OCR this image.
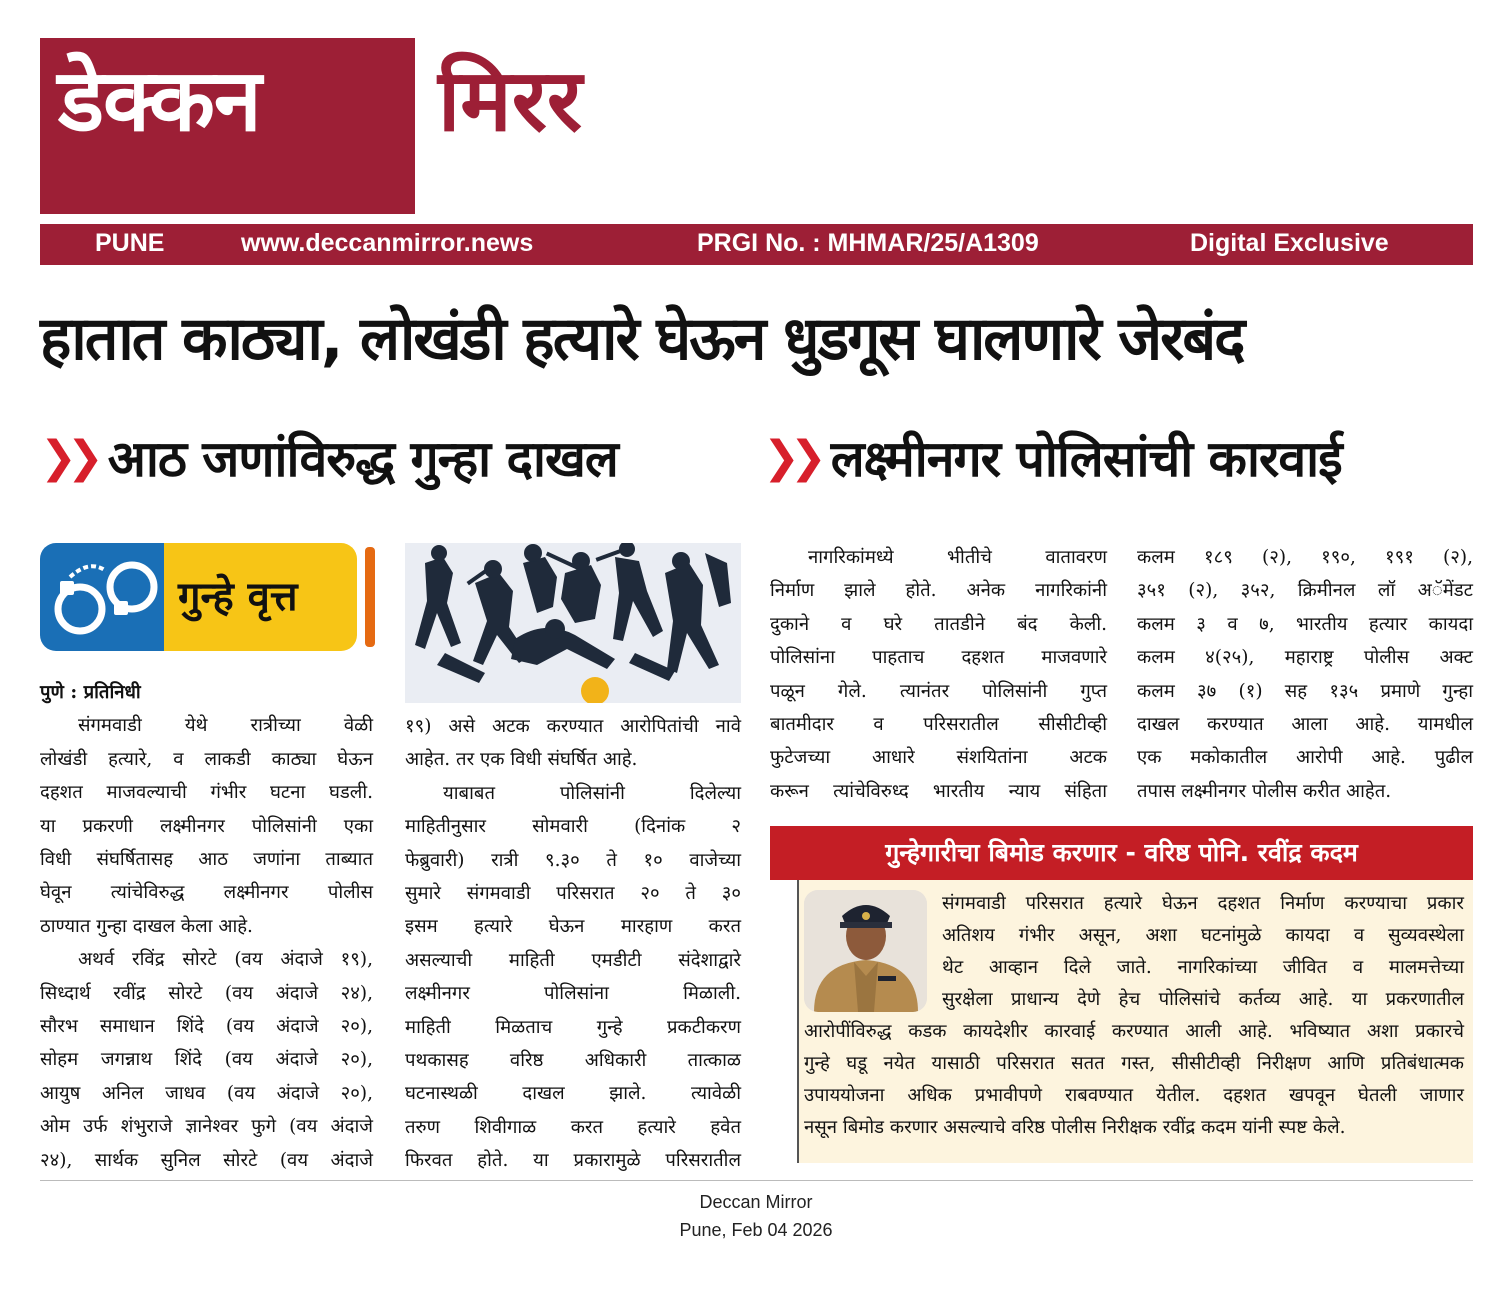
डेक्कन मिरर
PUNE	www.deccanmirror.news	PRGI No. : MHMAR/25/A1309	Digital Exclusive
हातात काठ्या, लोखंडी हत्यारे घेऊन धुडगूस घालणारे जेरबंद
❯❯ आठ जणांविरुद्ध गुन्हा दाखल	❯❯ लक्ष्मीनगर पोलिसांची कारवाई
गुन्हे वृत्त

पुणे : प्रतिनिधी

संगमवाडी येथे रात्रीच्या वेळी
लोखंडी हत्यारे, व लाकडी काठ्या घेऊन
दहशत माजवल्याची गंभीर घटना घडली.
या प्रकरणी लक्ष्मीनगर पोलिसांनी एका
विधी संघर्षितासह आठ जणांना ताब्यात
घेवून त्यांचेविरुद्ध लक्ष्मीनगर पोलीस
ठाण्यात गुन्हा दाखल केला आहे.
अथर्व रविंद्र सोरटे (वय अंदाजे १९),
सिध्दार्थ रवींद्र सोरटे (वय अंदाजे २४),
सौरभ समाधान शिंदे (वय अंदाजे २०),
सोहम जगन्नाथ शिंदे (वय अंदाजे २०),
आयुष अनिल जाधव (वय अंदाजे २०),
ओम उर्फ शंभुराजे ज्ञानेश्वर फुगे (वय अंदाजे
२४), सार्थक सुनिल सोरटे (वय अंदाजे
१९) असे अटक करण्यात आरोपितांची नावे
आहेत. तर एक विधी संघर्षित आहे.
याबाबत पोलिसांनी दिलेल्या
माहितीनुसार सोमवारी (दिनांक २
फेब्रुवारी) रात्री ९.३० ते १० वाजेच्या
सुमारे संगमवाडी परिसरात २० ते ३०
इसम हत्यारे घेऊन मारहाण करत
असल्याची माहिती एमडीटी संदेशाद्वारे
लक्ष्मीनगर पोलिसांना मिळाली.
माहिती मिळताच गुन्हे प्रकटीकरण
पथकासह वरिष्ठ अधिकारी तात्काळ
घटनास्थळी दाखल झाले. त्यावेळी
तरुण शिवीगाळ करत हत्यारे हवेत
फिरवत होते. या प्रकारामुळे परिसरातील
नागरिकांमध्ये भीतीचे वातावरण
निर्माण झाले होते. अनेक नागरिकांनी
दुकाने व घरे तातडीने बंद केली.
पोलिसांना पाहताच दहशत माजवणारे
पळून गेले. त्यानंतर पोलिसांनी गुप्त
बातमीदार व परिसरातील सीसीटीव्ही
फुटेजच्या आधारे संशयितांना अटक
करून त्यांचेविरुध्द भारतीय न्याय संहिता
कलम १८९ (२), १९०, १९१ (२),
३५१ (२), ३५२, क्रिमीनल लॉ अॅमेंडट
कलम ३ व ७, भारतीय हत्यार कायदा
कलम ४(२५), महाराष्ट्र पोलीस अक्ट
कलम ३७ (१) सह १३५ प्रमाणे गुन्हा
दाखल करण्यात आला आहे. यामधील
एक मकोकातील आरोपी आहे. पुढील
तपास लक्ष्मीनगर पोलीस करीत आहेत.
गुन्हेगारीचा बिमोड करणार - वरिष्ठ पोनि. रवींद्र कदम
संगमवाडी परिसरात हत्यारे घेऊन दहशत निर्माण करण्याचा प्रकार
अतिशय गंभीर असून, अशा घटनांमुळे कायदा व सुव्यवस्थेला
थेट आव्हान दिले जाते. नागरिकांच्या जीवित व मालमत्तेच्या
सुरक्षेला प्राधान्य देणे हेच पोलिसांचे कर्तव्य आहे. या प्रकरणातील
आरोपींविरुद्ध कडक कायदेशीर कारवाई करण्यात आली आहे. भविष्यात अशा प्रकारचे
गुन्हे घडू नयेत यासाठी परिसरात सतत गस्त, सीसीटीव्ही निरीक्षण आणि प्रतिबंधात्मक
उपाययोजना अधिक प्रभावीपणे राबवण्यात येतील. दहशत खपवून घेतली जाणार
नसून बिमोड करणार असल्याचे वरिष्ठ पोलीस निरीक्षक रवींद्र कदम यांनी स्पष्ट केले.
Deccan Mirror
Pune, Feb 04 2026
